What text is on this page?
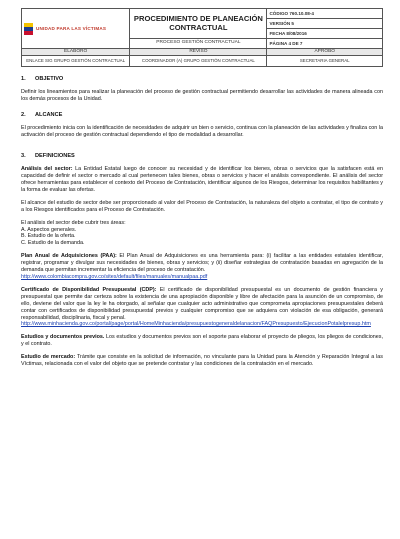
UNIDAD PARA LAS VÍCTIMAS	PROCEDIMIENTO DE PLANEACIÓN CONTRACTUAL	CÓDIGO 760.10.08-4
		VERSIÓN 5
		FECHA 8/08/2016

	PROCESO GESTIÓN CONTRACTUAL	PÁGINA 4 DE 7
ELABORÓ	REVISÓ	APROBÓ
ENLACE SIG GRUPO GESTIÓN CONTRACTUAL	COORDINADOR (A) GRUPO GESTIÓN CONTRACTUAL	SECRETARIA GENERAL
1. OBJETIVO

Definir los lineamientos para realizar la planeación del proceso de gestión contractual permitiendo desarrollar las actividades de manera alineada con los demás procesos de la Unidad.

2. ALCANCE

El procedimiento inicia con la identificación de necesidades de adquirir un bien o servicio, continua con la planeación de las actividades y finaliza con la activación del proceso de gestión contractual dependiendo el tipo de modalidad a desarrollar.

3. DEFINICIONES

Análisis del sector: La Entidad Estatal luego de conocer su necesidad y de identificar los bienes, obras o servicios que la satisfacen está en capacidad de definir el sector o mercado al cual pertenecen tales bienes, obras o servicios y hacer el análisis correspondiente. El análisis del sector ofrece herramientas para establecer el contexto del Proceso de Contratación, identificar algunos de los Riesgos, determinar los requisitos habilitantes y la forma de evaluar las ofertas.

El alcance del estudio de sector debe ser proporcionado al valor del Proceso de Contratación, la naturaleza del objeto a contratar, el tipo de contrato y a los Riesgos identificados para el Proceso de Contratación.

El análisis del sector debe cubrir tres áreas:
A. Aspectos generales.
B. Estudio de la oferta.
C. Estudio de la demanda.

Plan Anual de Adquisiciones (PAA): El Plan Anual de Adquisiciones es una herramienta para: (i) facilitar a las entidades estatales identificar, registrar, programar y divulgar sus necesidades de bienes, obras y servicios; y (ii) diseñar estrategias de contratación basadas en agregación de la demanda que permitan incrementar la eficiencia del proceso de contratación.
http://www.colombiacompra.gov.co/sites/default/files/manuales/manualpaa.pdf

Certificado de Disponibilidad Presupuestal (CDP): El certificado de disponibilidad presupuestal es un documento de gestión financiera y presupuestal que permite dar certeza sobre la existencia de una apropiación disponible y libre de afectación para la asunción de un compromiso, de ello, deviene del valor que la ley le ha otorgado, al señalar que cualquier acto administrativo que comprometa apropiaciones presupuestales deberá contar con certificados de disponibilidad presupuestal previos y cualquier compromiso que se adquiera con violación de esa obligación, generará responsabilidad, disciplinaria, fiscal y penal.
http://www.minhacienda.gov.co/portal/page/portal/HomeMinhacienda/presupuestogeneraldelanacion/FAQPresupuesto/EjecucionPotalelpresup.htm

Estudios y documentos previos. Los estudios y documentos previos son el soporte para elaborar el proyecto de pliegos, los pliegos de condiciones, y el contrato.

Estudio de mercado: Trámite que consiste en la solicitud de información, no vinculante para la Unidad para la Atención y Reparación Integral a las Víctimas, relacionada con el valor del objeto que se pretende contratar y las condiciones de la contratación en el mercado.
